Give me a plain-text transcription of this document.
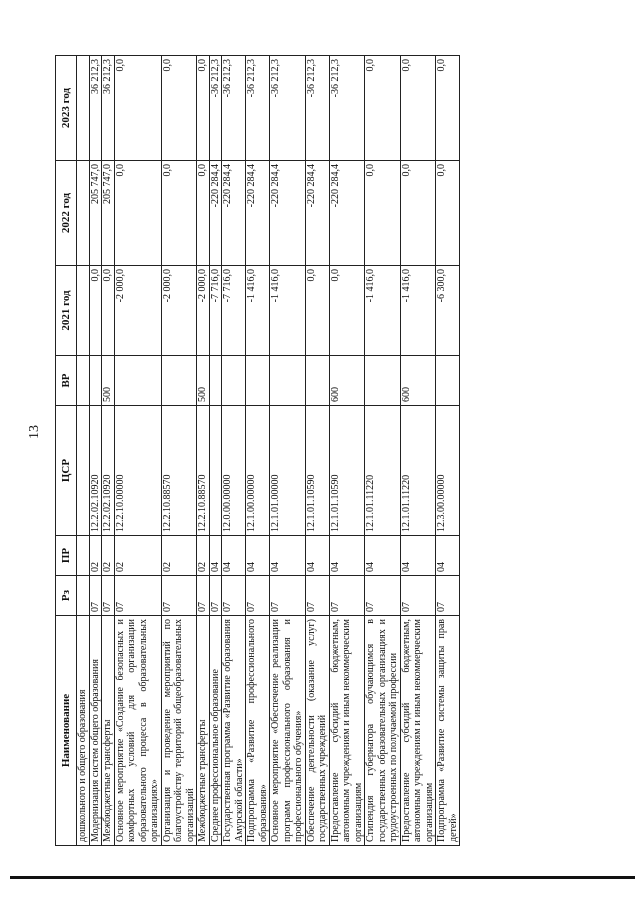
13
Наименование	Рз	ПР	ЦСР	ВР	2021 год	2022 год	2023 год
дошкольного и общего образования							
Модернизация систем общего образования	07	02	12.2.02.10920		0,0	205 747,0	36 212,3
Межбюджетные трансферты	07	02	12.2.02.10920	500	0,0	205 747,0	36 212,3
Основное мероприятие «Создание безопасных и комфортных условий для организации образовательного процесса в образовательных организациях»	07	02	12.2.10.00000		-2 000,0	0,0	0,0
Организация и проведение мероприятий по благоустройству территорий общеобразовательных организаций	07	02	12.2.10.88570		-2 000,0	0,0	0,0
Межбюджетные трансферты	07	02	12.2.10.88570	500	-2 000,0	0,0	0,0
Среднее профессиональное образование	07	04			-7 716,0	-220 284,4	-36 212,3
Государственная программа «Развитие образования Амурской области»	07	04	12.0.00.00000		-7 716,0	-220 284,4	-36 212,3
Подпрограмма «Развитие профессионального образования»	07	04	12.1.00.00000		-1 416,0	-220 284,4	-36 212,3
Основное мероприятие «Обеспечение реализации программ профессионального образования и профессионального обучения»	07	04	12.1.01.00000		-1 416,0	-220 284,4	-36 212,3
Обеспечение деятельности (оказание услуг) государственных учреждений	07	04	12.1.01.10590		0,0	-220 284,4	-36 212,3
Предоставление субсидий бюджетным, автономным учреждениям и иным некоммерческим организациям	07	04	12.1.01.10590	600	0,0	-220 284,4	-36 212,3
Стипендия губернатора обучающимся в государственных образовательных организациях и трудоустроенных по получаемой профессии	07	04	12.1.01.11220		-1 416,0	0,0	0,0
Предоставление субсидий бюджетным, автономным учреждениям и иным некоммерческим организациям	07	04	12.1.01.11220	600	-1 416,0	0,0	0,0
Подпрограмма «Развитие системы защиты прав детей»	07	04	12.3.00.00000		-6 300,0	0,0	0,0
